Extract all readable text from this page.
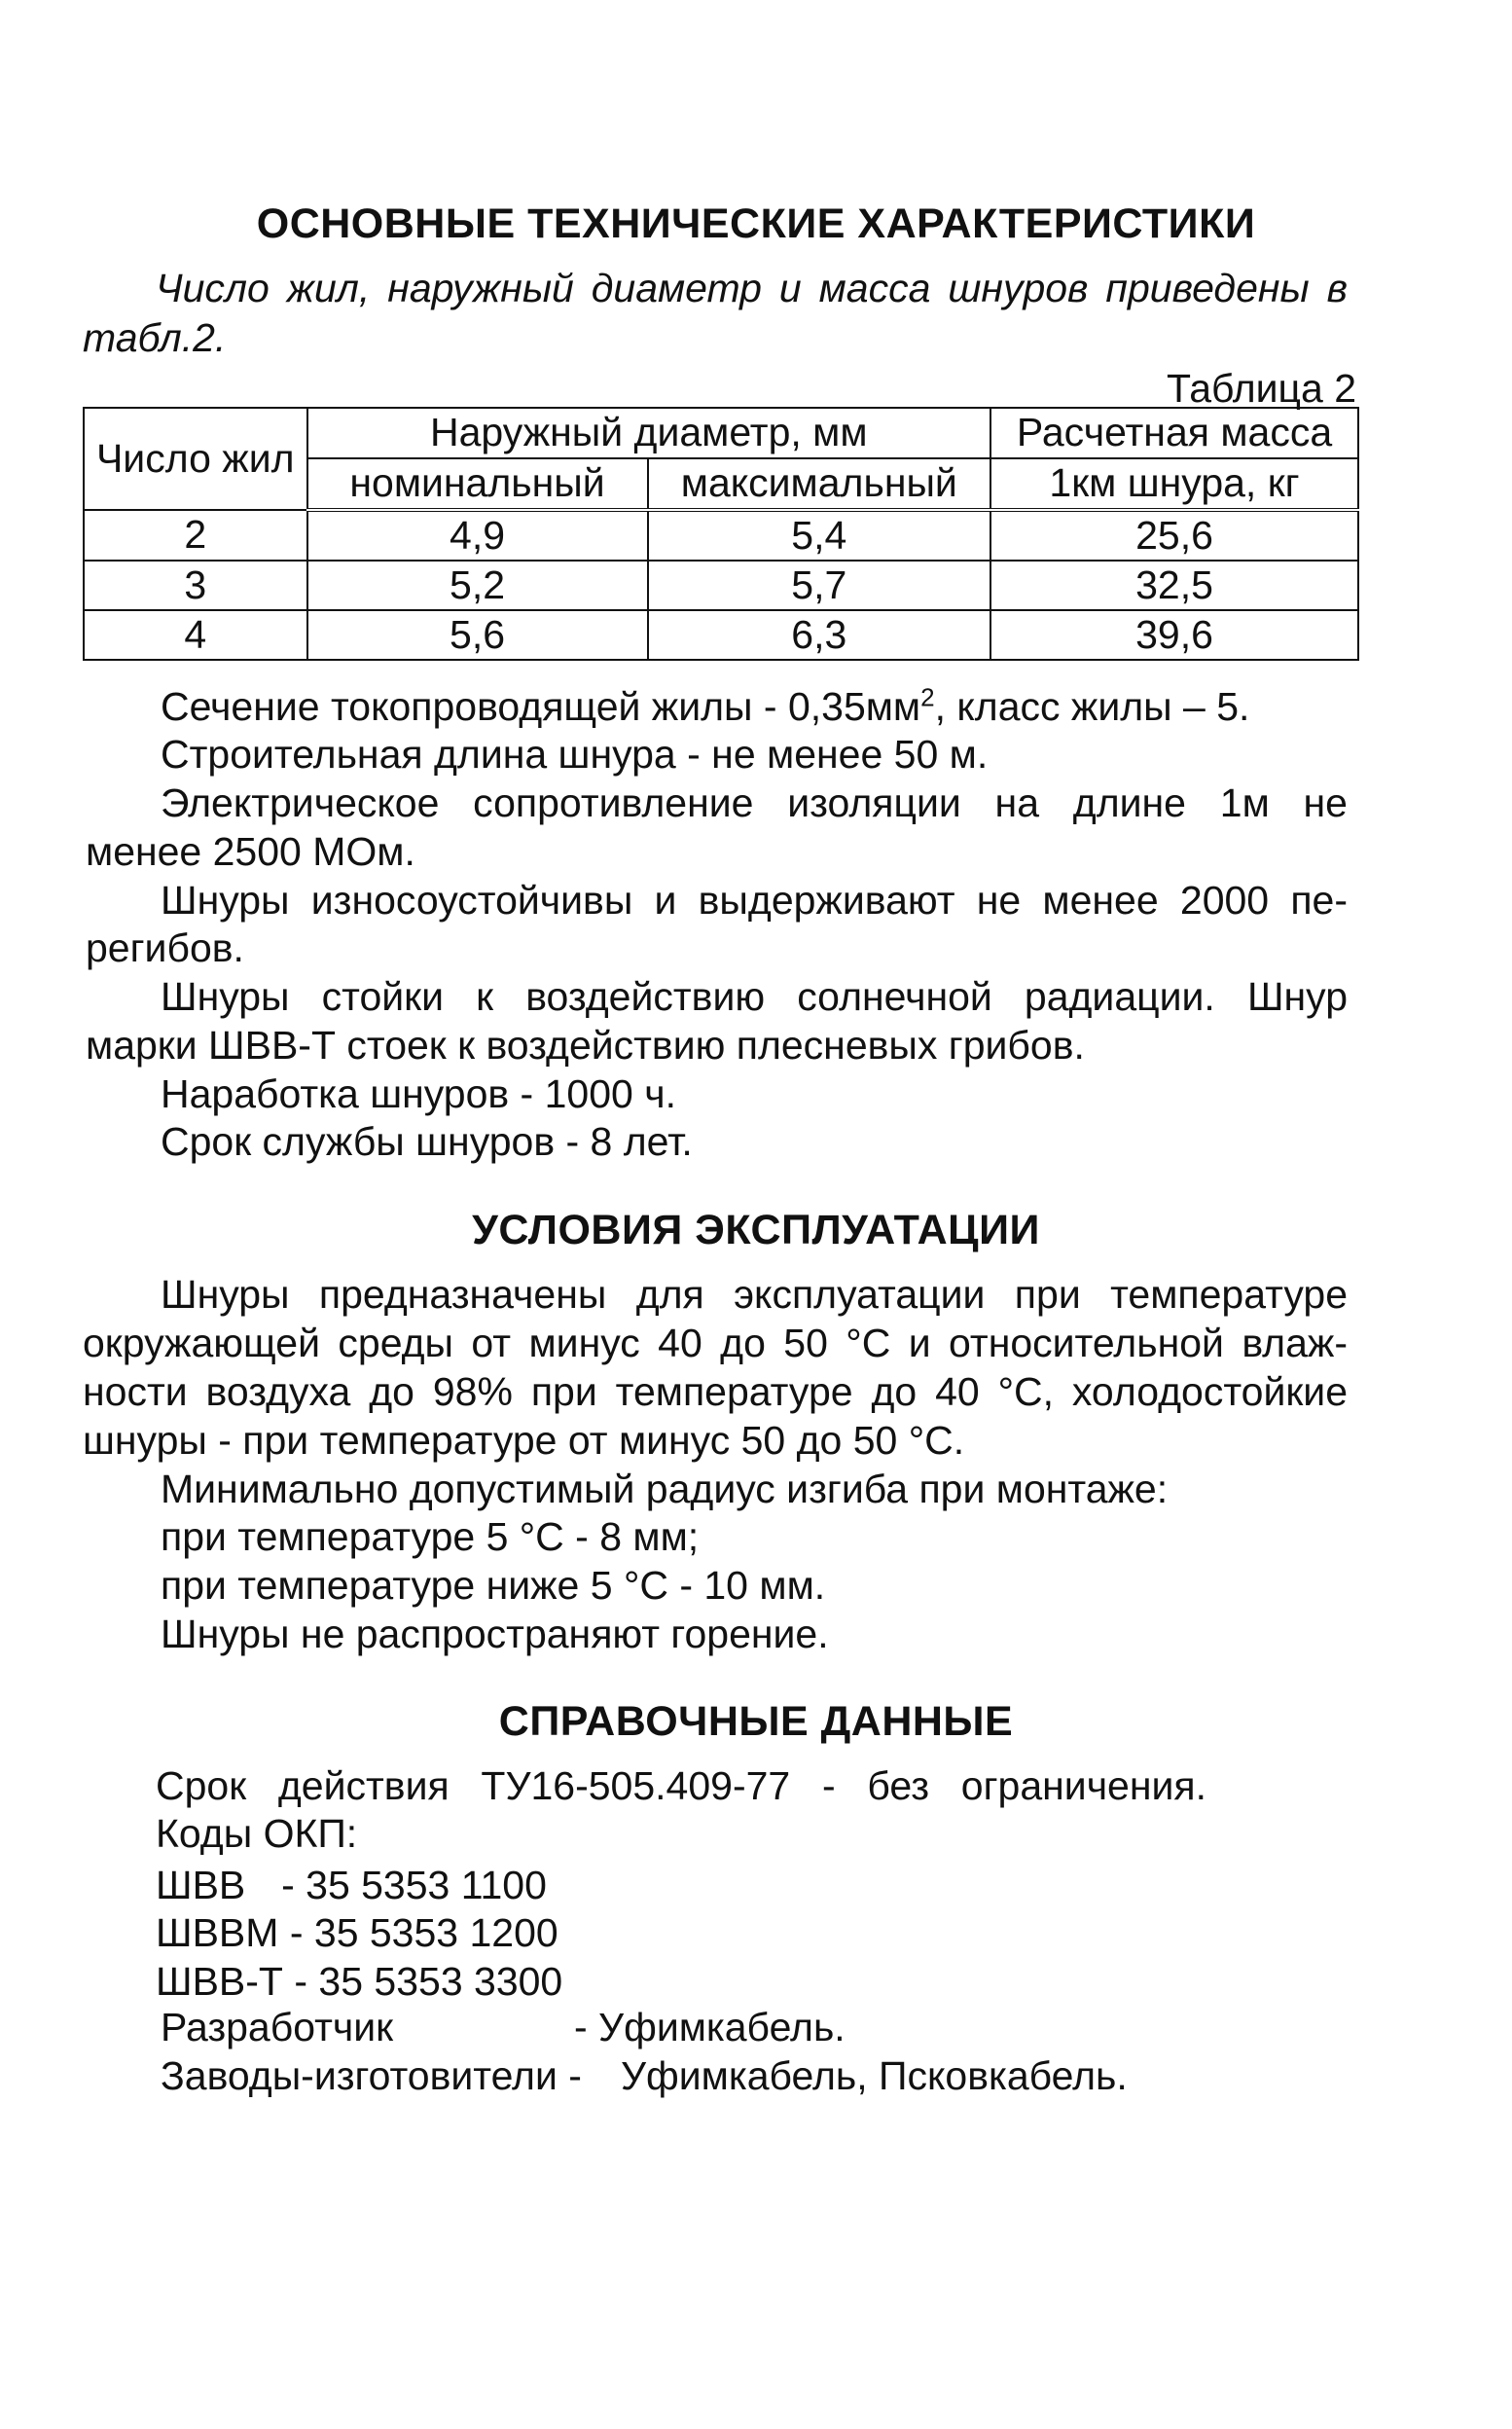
ОСНОВНЫЕ ТЕХНИЧЕСКИЕ ХАРАКТЕРИСТИКИ
Число жил, наружный диаметр и масса шнуров приведены в
табл.2.
Таблица 2
Число жил	Наружный диаметр, мм		Расчетная масса
	номинальный	максимальный	1км шнура, кг
2	4,9	5,4	25,6
3	5,2	5,7	32,5
4	5,6	6,3	39,6
Сечение токопроводящей жилы - $0,35мм^2$, класс жилы – 5.
Строительная длина шнура - не менее 50 м.
Электрическое сопротивление изоляции на длине 1м не
менее 2500 МОм.
Шнуры износоустойчивы и выдерживают не менее 2000 пе-
регибов.
Шнуры стойки к воздействию солнечной радиации. Шнур
марки ШВВ-Т стоек к воздействию плесневых грибов.
Наработка шнуров - 1000 ч.
Срок службы шнуров - 8 лет.
УСЛОВИЯ ЭКСПЛУАТАЦИИ
Шнуры предназначены для эксплуатации при температуре
окружающей среды от минус 40 до 50 °С и относительной влаж-
ности воздуха до 98% при температуре до 40 °С, холодостойкие
шнуры - при температуре от минус 50 до 50 °С.
Минимально допустимый радиус изгиба при монтаже:
при температуре 5 °С - 8 мм;
при температуре ниже 5 °С - 10 мм.
Шнуры не распространяют горение.
СПРАВОЧНЫЕ ДАННЫЕ
Срок действия ТУ16-505.409-77 - без ограничения.
Коды ОКП:
ШВВ - 35 5353 1100
ШВВМ - 35 5353 1200
ШВВ-Т - 35 5353 3300
Разработчик	- Уфимкабель.
Заводы-изготовители - Уфимкабель, Псковкабель.
